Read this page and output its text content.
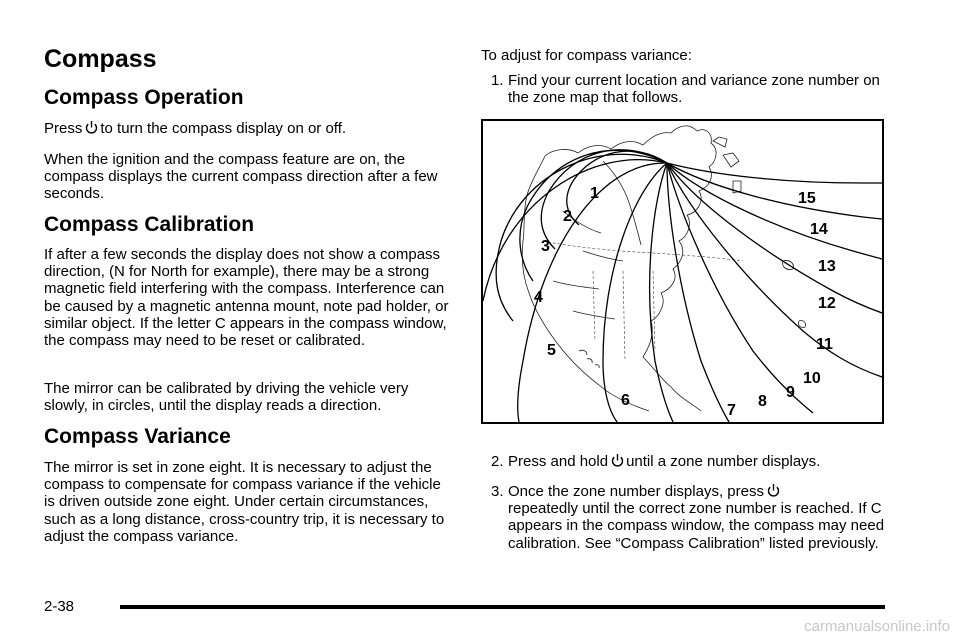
Compass
Compass Operation

Press to turn the compass display on or off.

When the ignition and the compass feature are on, the compass displays the current compass direction after a few seconds.

Compass Calibration

If after a few seconds the display does not show a compass direction, (N for North for example), there may be a strong magnetic field interfering with the compass. Interference can be caused by a magnetic antenna mount, note pad holder, or similar object. If the letter C appears in the compass window, the compass may need to be reset or calibrated.

The mirror can be calibrated by driving the vehicle very slowly, in circles, until the display reads a direction.

Compass Variance

The mirror is set in zone eight. It is necessary to adjust the compass to compensate for compass variance if the vehicle is driven outside zone eight. Under certain circumstances, such as a long distance, cross-country trip, it is necessary to adjust the compass variance.

To adjust for compass variance:

1. Find your current location and variance zone number on the zone map that follows.
1
2
3
4
5
6
7
8
9
10
11
12
13
14
15
2. Press and hold until a zone number displays.
3. Once the zone number displays, press
repeatedly until the correct zone number is reached. If C appears in the compass window, the compass may need calibration. See “Compass Calibration” listed previously.
2-38
carmanualsonline.info
